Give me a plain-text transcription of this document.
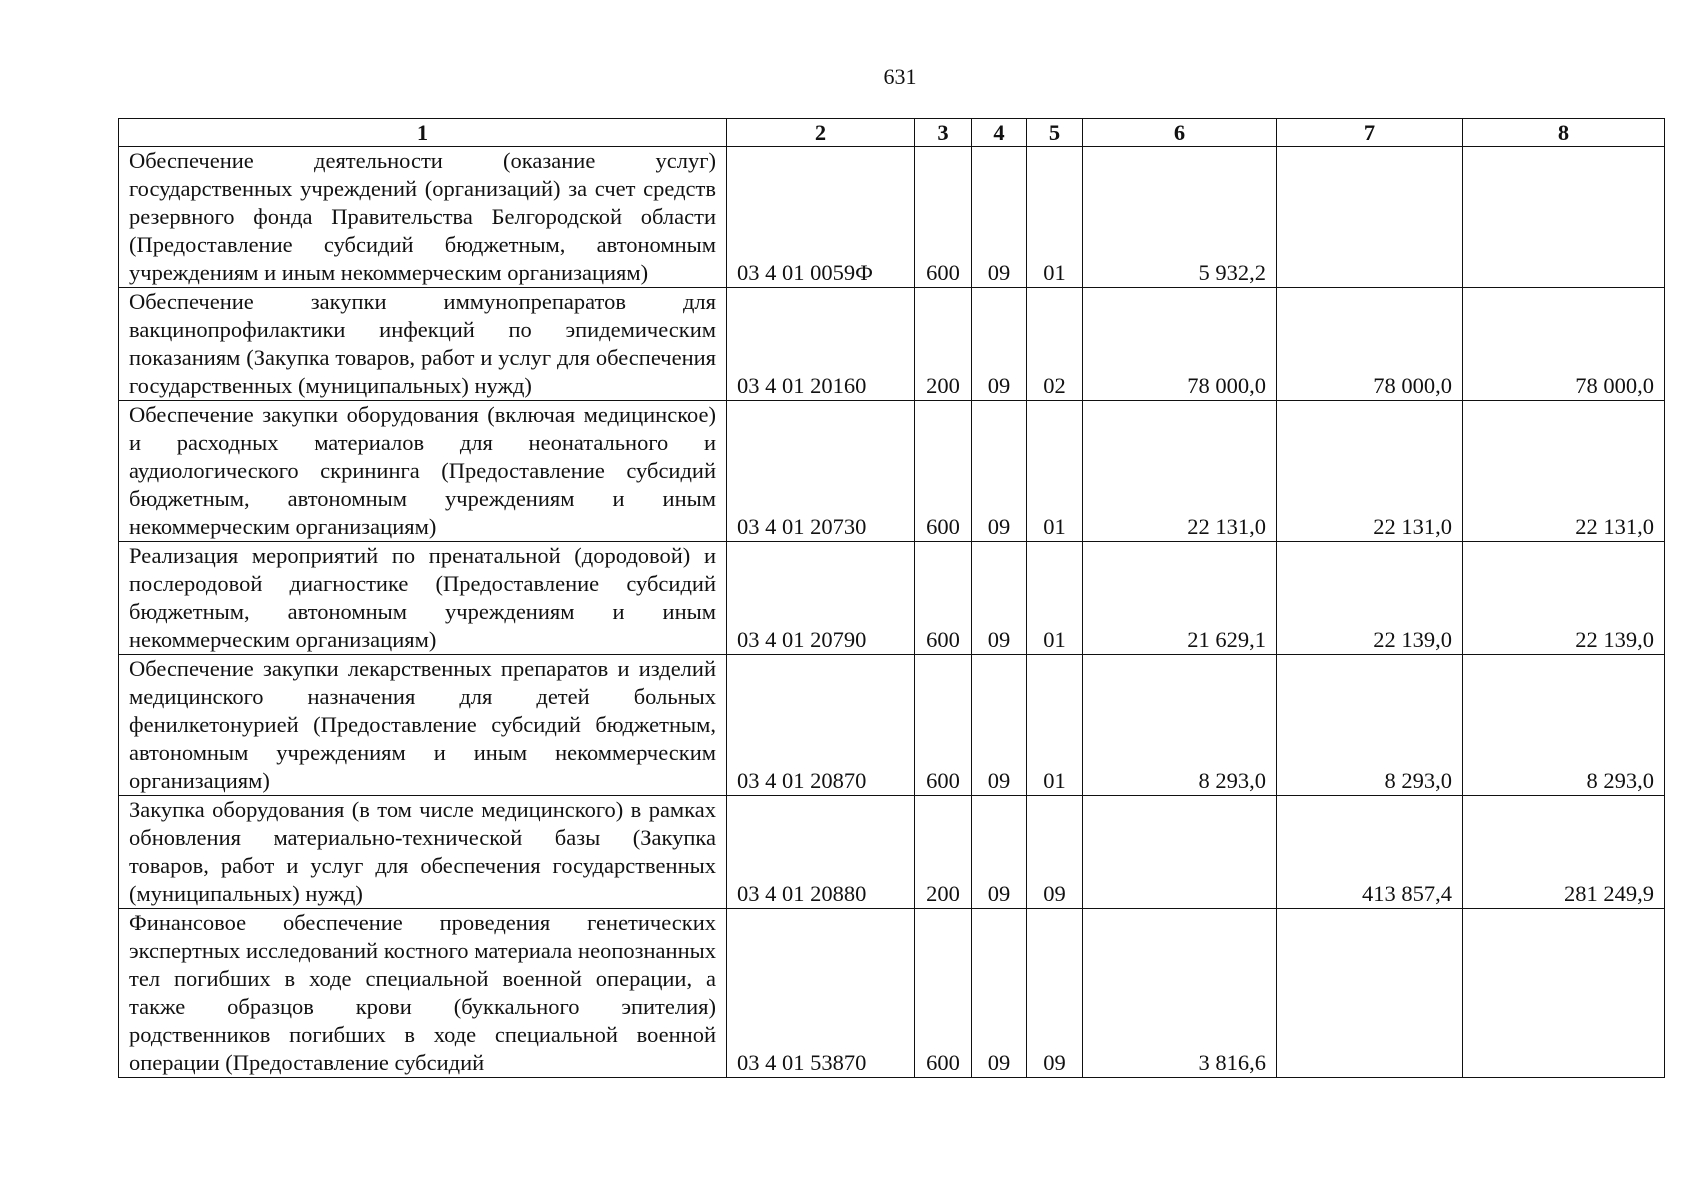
631
1	2	3	4	5	6	7	8
Обеспечение деятельности (оказание услуг) государственных учреждений (организаций) за счет средств резервного фонда Правительства Белгородской области (Предоставление субсидий бюджетным, автономным учреждениям и иным некоммерческим организациям)	03 4 01 0059Ф	600	09	01	5 932,2		
Обеспечение закупки иммунопрепаратов для вакцинопрофилактики инфекций по эпидемическим показаниям (Закупка товаров, работ и услуг для обеспечения государственных (муниципальных) нужд)	03 4 01 20160	200	09	02	78 000,0	78 000,0	78 000,0
Обеспечение закупки оборудования (включая медицинское) и расходных материалов для неонатального и аудиологического скрининга (Предоставление субсидий бюджетным, автономным учреждениям и иным некоммерческим организациям)	03 4 01 20730	600	09	01	22 131,0	22 131,0	22 131,0
Реализация мероприятий по пренатальной (дородовой) и послеродовой диагностике (Предоставление субсидий бюджетным, автономным учреждениям и иным некоммерческим организациям)	03 4 01 20790	600	09	01	21 629,1	22 139,0	22 139,0
Обеспечение закупки лекарственных препаратов и изделий медицинского назначения для детей больных фенилкетонурией (Предоставление субсидий бюджетным, автономным учреждениям и иным некоммерческим организациям)	03 4 01 20870	600	09	01	8 293,0	8 293,0	8 293,0
Закупка оборудования (в том числе медицинского) в рамках обновления материально-технической базы (Закупка товаров, работ и услуг для обеспечения государственных (муниципальных) нужд)	03 4 01 20880	200	09	09		413 857,4	281 249,9
Финансовое обеспечение проведения генетических экспертных исследований костного материала неопознанных тел погибших в ходе специальной военной операции, а также образцов крови (буккального эпителия) родственников погибших в ходе специальной военной операции (Предоставление субсидий	03 4 01 53870	600	09	09	3 816,6		
